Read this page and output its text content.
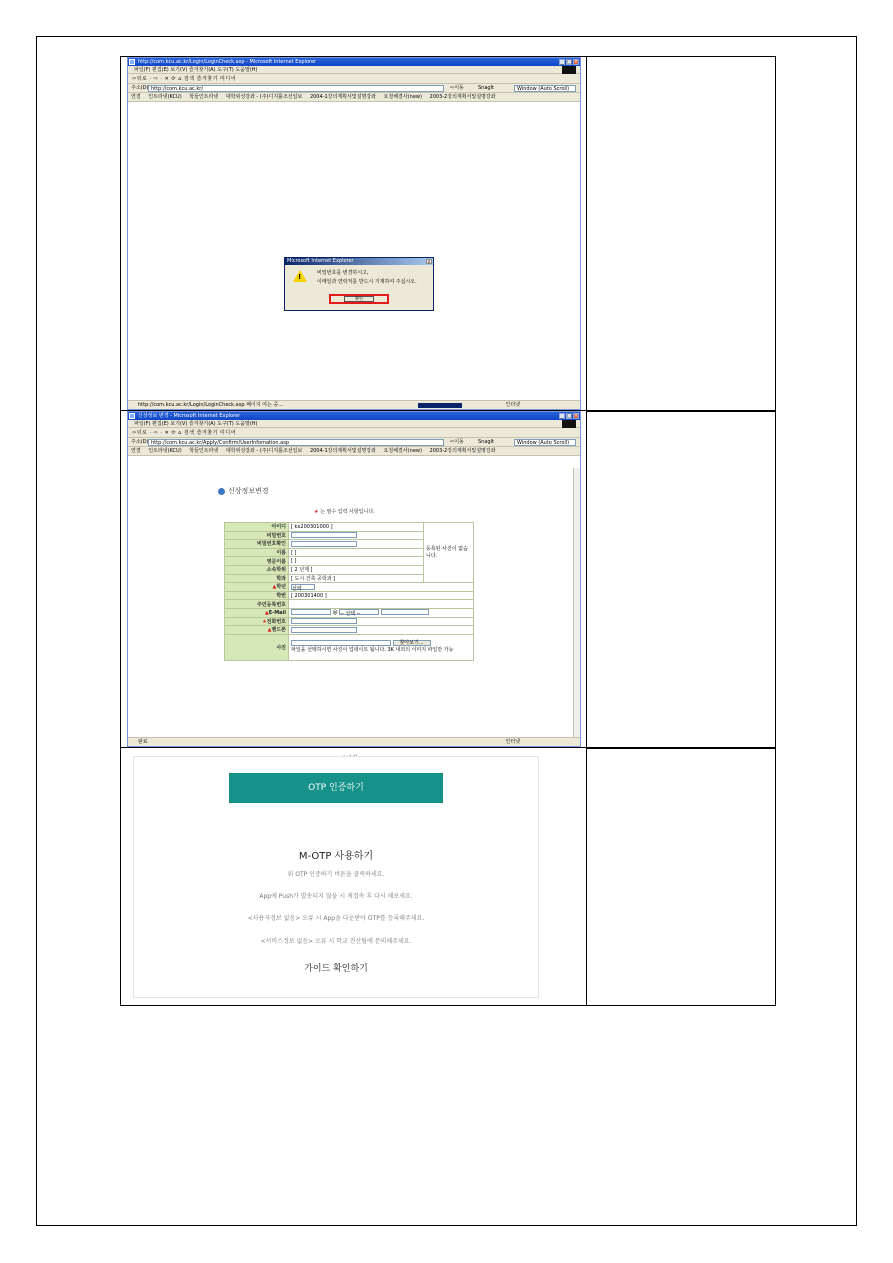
http://com.kcu.ac.kr/Login/LoginCheck.asp - Microsoft Internet Explorer	_ □ ×
파일(F) 편집(E) 보기(V) 즐겨찾기(A) 도구(T) 도움말(H)
⇦뒤로 · ⇨ · ✕ ⟳ ⌂ 검색 즐겨찾기 미디어
주소(D) http://com.kcu.ac.kr/	⇨이동	SnagIt	Window (Auto Scroll)
연결 인트라넷(KCU) 학들인트라넷 대학위성강좌 - (주)디지틀조선일보 2004-1강의계획서및설명강좌 요청해결사(new) 2003-2강의계획서및설명강좌
Microsoft Internet Explorer	x
!	비밀번호를 변경하시고,
이메일과 연락처를 반드시 기재하여 주십시오.
확인
http://com.kcu.ac.kr/Login/LoginCheck.asp 페이지 여는 중...	인터넷
신상정보 변경 - Microsoft Internet Explorer	_ □ ×
파일(F) 편집(E) 보기(V) 즐겨찾기(A) 도구(T) 도움말(H)
⇦뒤로 · ⇨ · ✕ ⟳ ⌂ 검색 즐겨찾기 미디어
주소(D) http://com.kcu.ac.kr/Apply/Confirm/UserInfomation.asp	⇨이동	SnagIt	Window (Auto Scroll)
연결 인트라넷(KCU) 학들인트라넷 대학위성강좌 - (주)디지틀조선일보 2004-1강의계획서및설명강좌 요청해결사(new) 2003-2강의계획서및설명강좌
신상정보변경
★ 는 필수 입력 사항입니다.
아이디	[ kx200301000 ]	등록된 사진이 없습니다.
비밀번호		
비밀번호확인		
이름	[ ]	
영문이름	[ ]	
소속학위	[ 2 년제 ]	
학과	[ 도시 건축 공학과 ]	
▲학년	선택	
학번	[ 200301400 ]	
주민등록번호		
▲E-Mail	@ -- 선택 --	
★전화번호		
▲핸드폰		
사진	찾아보기...
파일을 선택하시면 사진이 업데이트 됩니다. 3K 내외의 이미지 파일만 가능	
완료	인터넷
OTP 인증하기
M-OTP 사용하기
위 OTP 인증하기 버튼을 클릭하세요.
App에 Push가 발송되지 않을 시 재접속 후 다시 해보세요.
<사용자정보 없음> 오류 시 App을 다운받아 OTP를 등록해주세요.
<서비스정보 없음> 오류 시 학교 전산팀에 문의해주세요.
가이드 확인하기
